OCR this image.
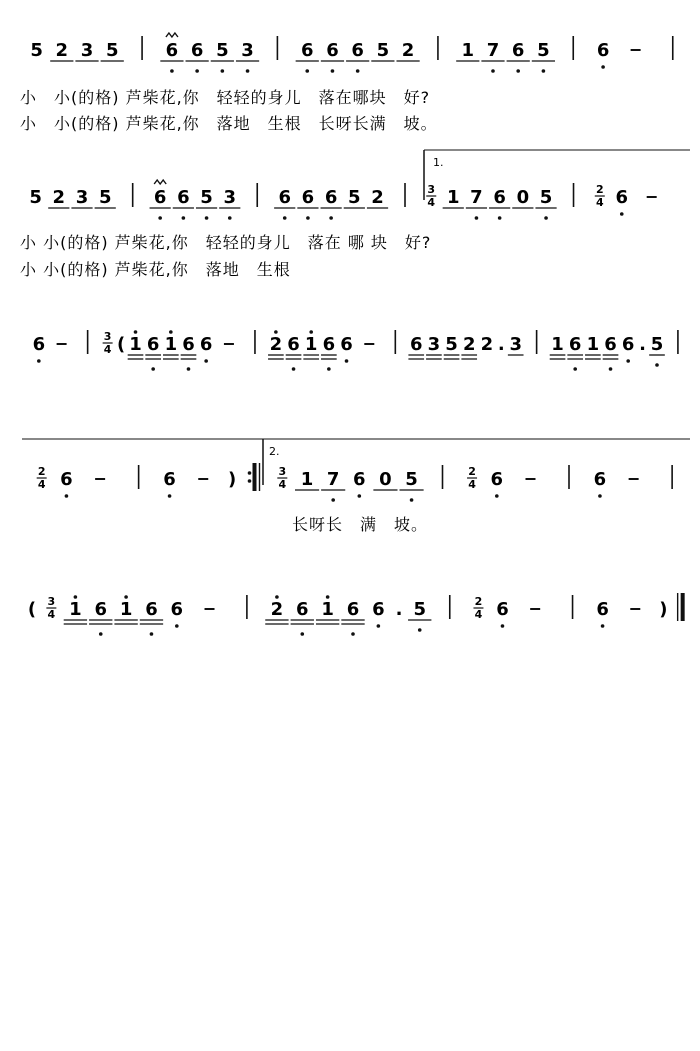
5 2 3 5	6 6 5 3	6 6 6 5 2	1 7 6 5	6
小　小(的格) 芦柴花,你　轻轻的身儿　落在哪块　好?
小　小(的格) 芦柴花,你　落地　生根　长呀长满　坡。
5 2 3 5 6 6 5 3 6 6 6 5 2	3
4 1 7 6 0 5	2
4 6
小 小(的格) 芦柴花,你　轻轻的身儿　落在 哪 块　好?
小 小(的格) 芦柴花,你　落地　生根
1.
6	3
4 ( 1 6 1 6 6	2 6 1 6 6	6 3 5 2 2 . 3 1 6 1 6 6 . 5
2.
2
4 6	6	)	3
4 1 7 6 0 5	2
4 6	6
长呀长　满　坡。
( 3
4 1 6 1 6 6	2 6 1 6 6 . 5	2
4 6	6	)
